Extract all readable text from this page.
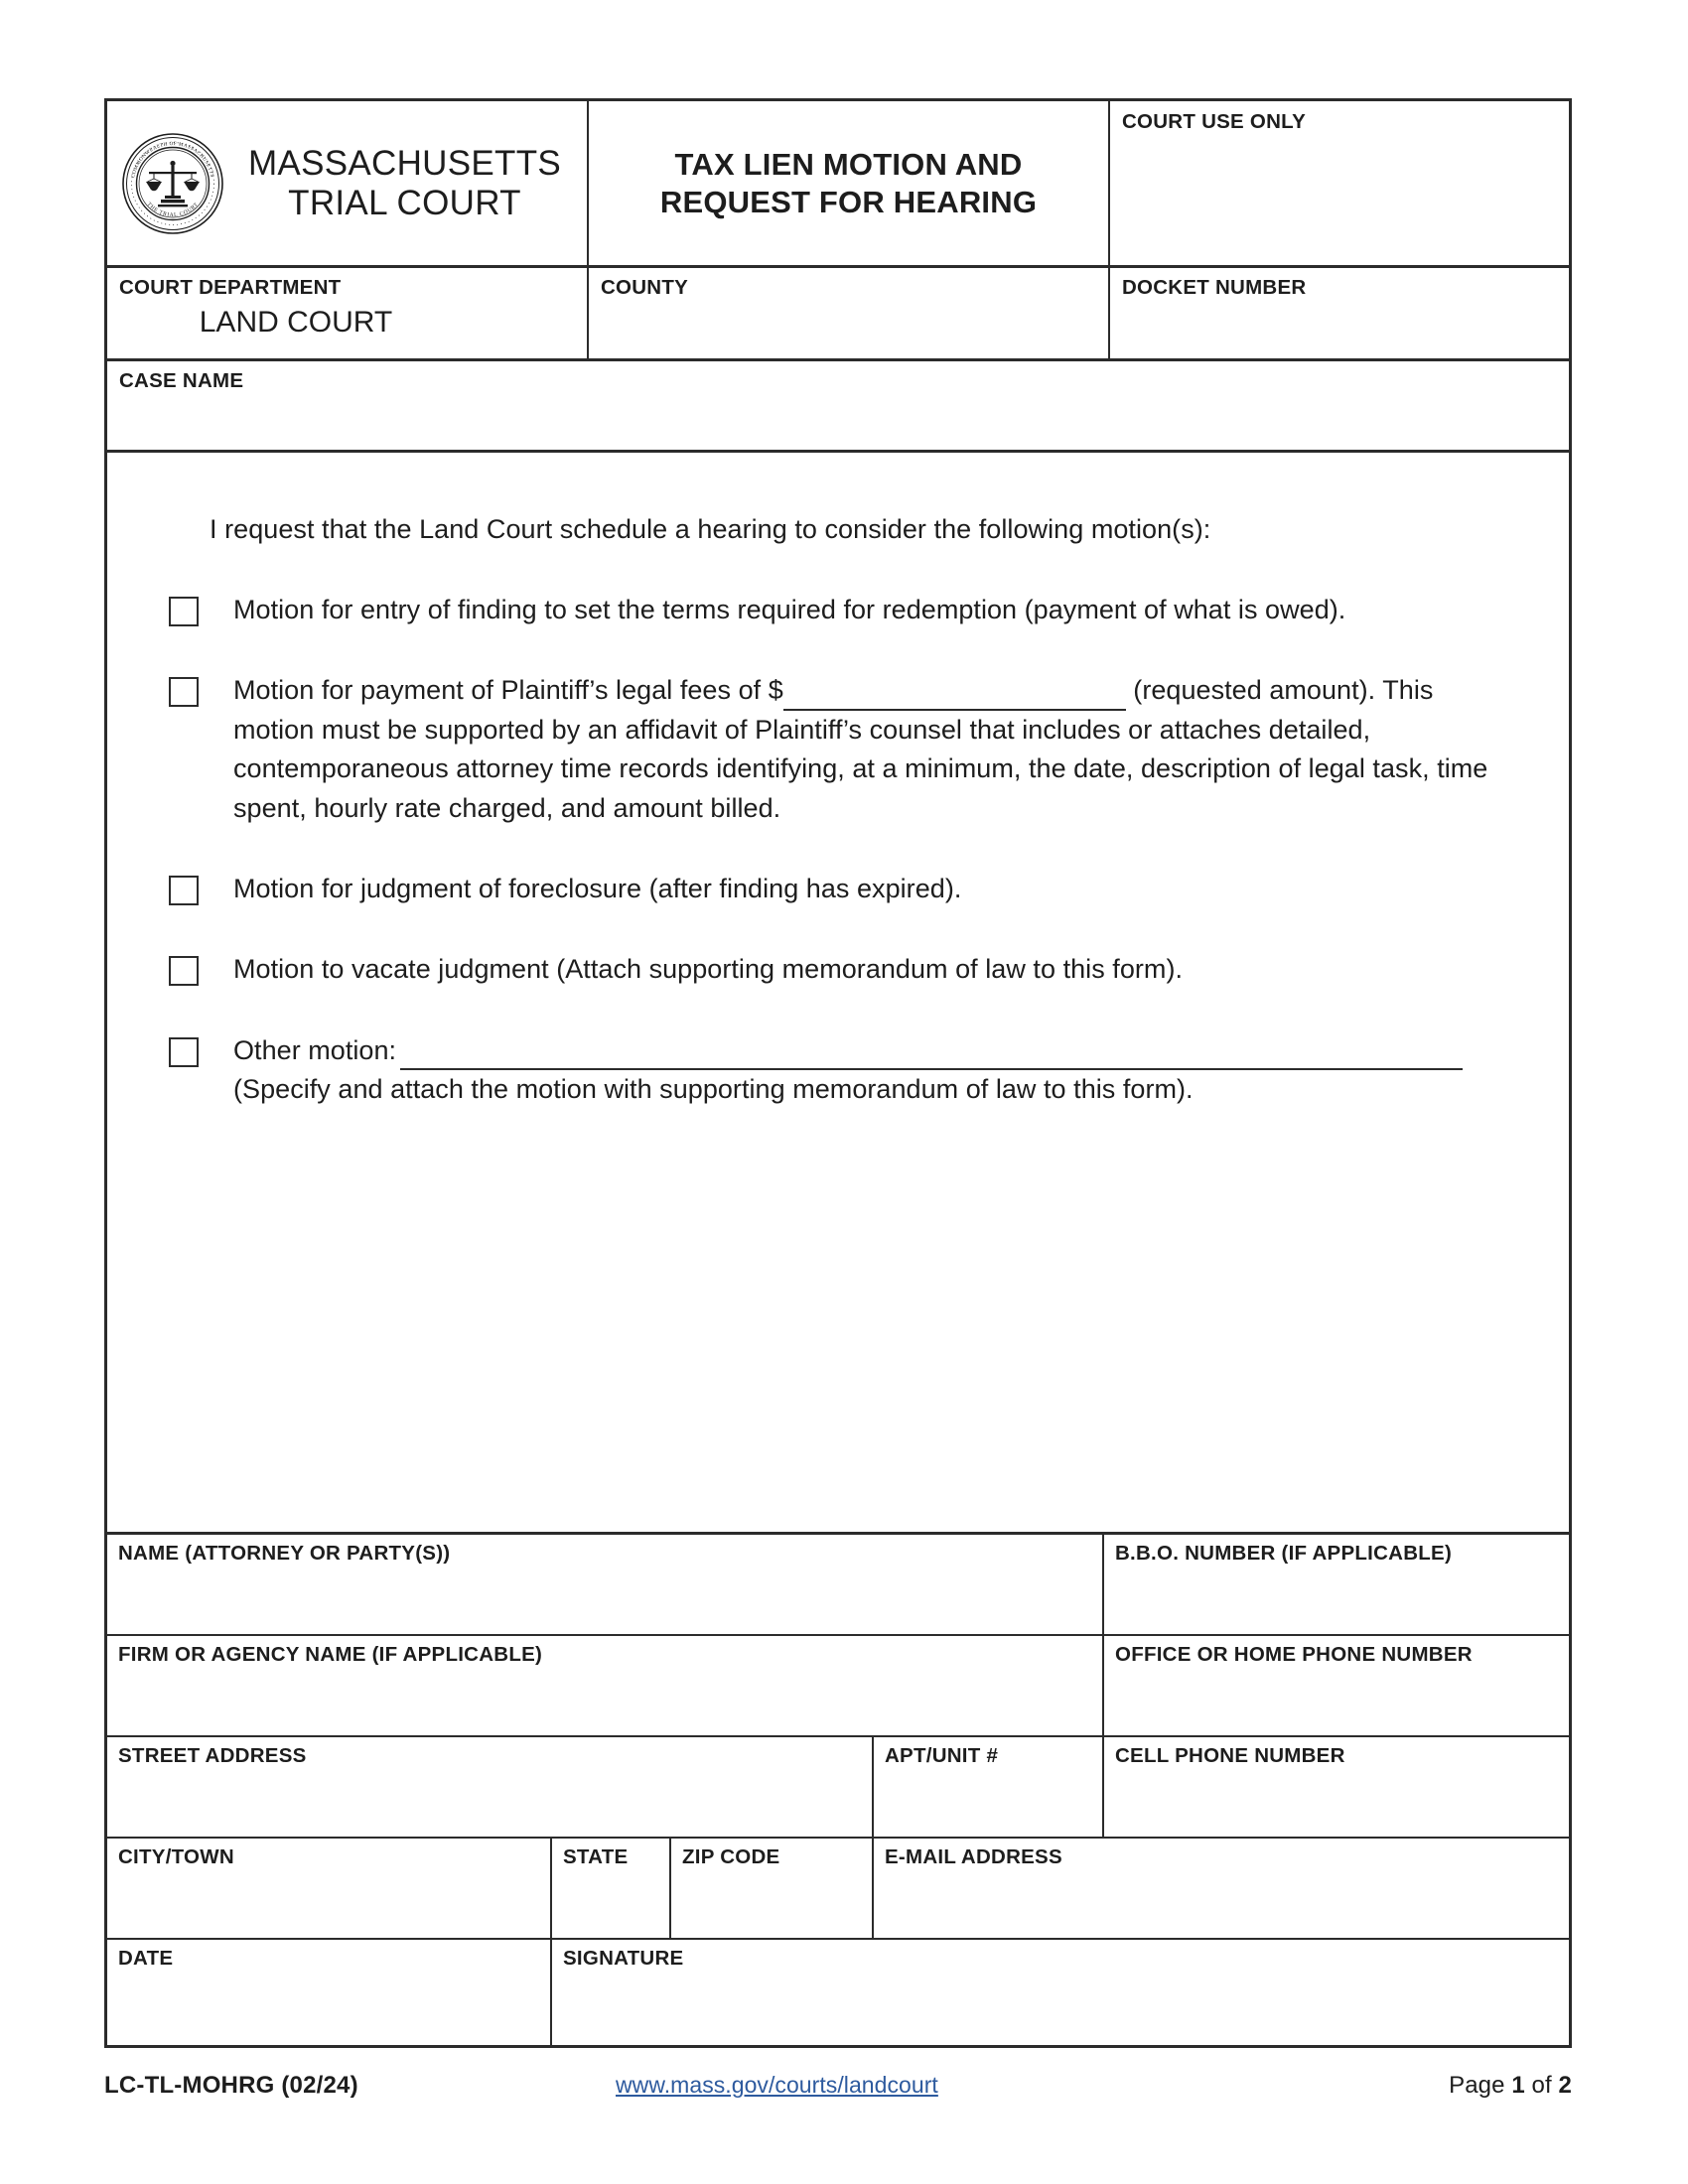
COMMONWEALTH OF MASSACHUSETTS
THE TRIAL COURT
MASSACHUSETTS
TRIAL COURT
TAX LIEN MOTION AND
REQUEST FOR HEARING
COURT USE ONLY
COURT DEPARTMENT
LAND COURT
COUNTY	DOCKET NUMBER
CASE NAME
I request that the Land Court schedule a hearing to consider the following motion(s):
Motion for entry of finding to set the terms required for redemption (payment of what is owed).
Motion for payment of Plaintiff’s legal fees of $	(requested amount). This motion must be supported by an affidavit of Plaintiff’s counsel that includes or attaches detailed, contemporaneous attorney time records identifying, at a minimum, the date, description of legal task, time spent, hourly rate charged, and amount billed.
Motion for judgment of foreclosure (after finding has expired).
Motion to vacate judgment (Attach supporting memorandum of law to this form).
Other motion:
(Specify and attach the motion with supporting memorandum of law to this form).
NAME (ATTORNEY OR PARTY(S))	B.B.O. NUMBER (IF APPLICABLE)
FIRM OR AGENCY NAME (IF APPLICABLE)	OFFICE OR HOME PHONE NUMBER
STREET ADDRESS	APT/UNIT #	CELL PHONE NUMBER
CITY/TOWN	STATE	ZIP CODE	E-MAIL ADDRESS
DATE	SIGNATURE
LC-TL-MOHRG (02/24)	www.mass.gov/courts/landcourt	Page 1 of 2
